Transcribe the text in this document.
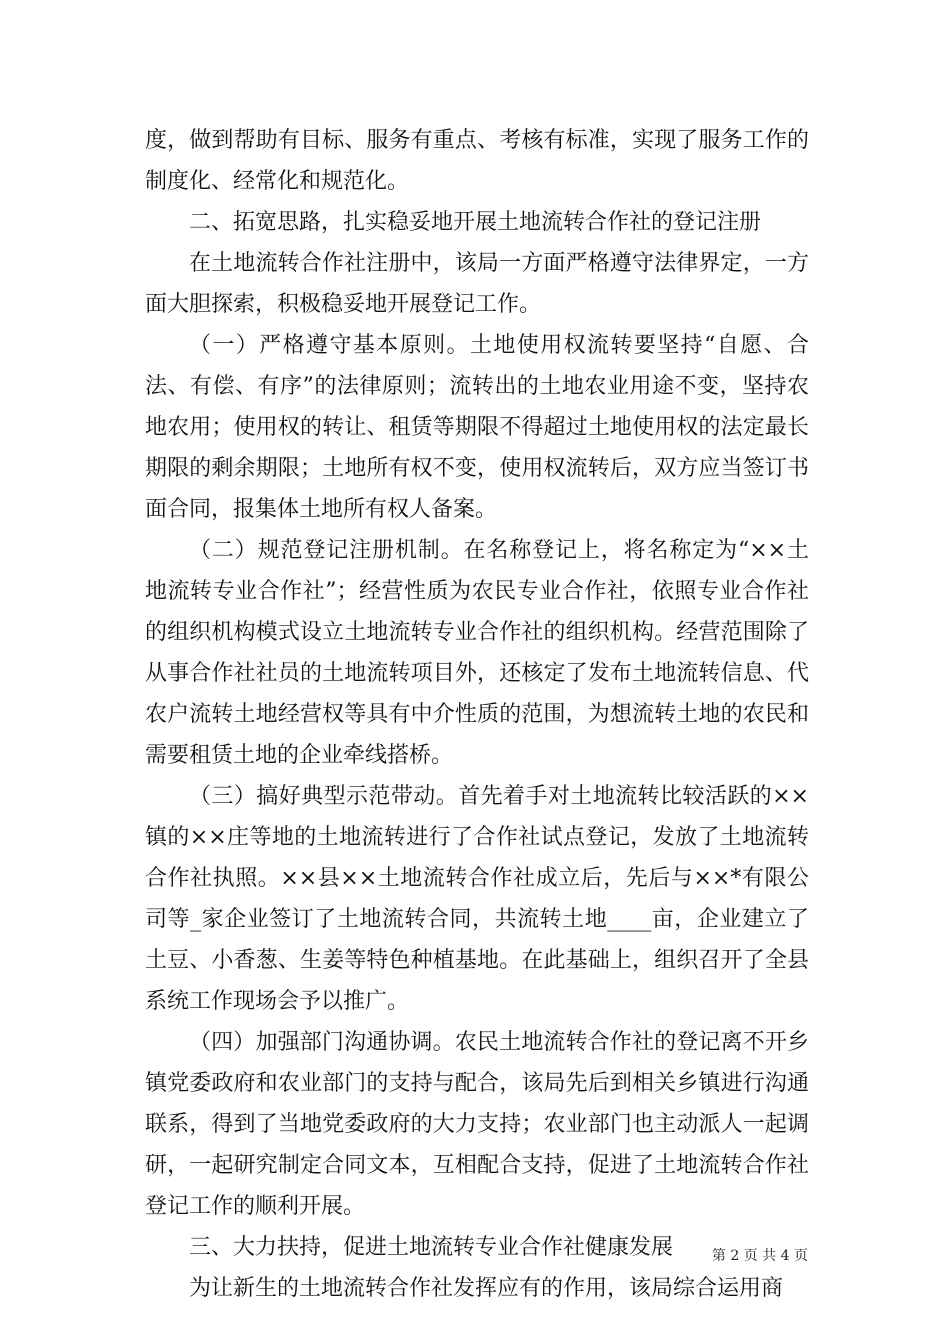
度，做到帮助有目标、服务有重点、考核有标准，实现了服务工作的制度化、经常化和规范化。

二、拓宽思路，扎实稳妥地开展土地流转合作社的登记注册

在土地流转合作社注册中，该局一方面严格遵守法律界定，一方面大胆探索，积极稳妥地开展登记工作。

（一）严格遵守基本原则。土地使用权流转要坚持“自愿、合法、有偿、有序”的法律原则；流转出的土地农业用途不变，坚持农地农用；使用权的转让、租赁等期限不得超过土地使用权的法定最长期限的剩余期限；土地所有权不变，使用权流转后，双方应当签订书面合同，报集体土地所有权人备案。

（二）规范登记注册机制。在名称登记上，将名称定为“××土地流转专业合作社”；经营性质为农民专业合作社，依照专业合作社的组织机构模式设立土地流转专业合作社的组织机构。经营范围除了从事合作社社员的土地流转项目外，还核定了发布土地流转信息、代农户流转土地经营权等具有中介性质的范围，为想流转土地的农民和需要租赁土地的企业牵线搭桥。

（三）搞好典型示范带动。首先着手对土地流转比较活跃的××镇的××庄等地的土地流转进行了合作社试点登记，发放了土地流转合作社执照。××县××土地流转合作社成立后，先后与××*有限公司等_家企业签订了土地流转合同，共流转土地____亩，企业建立了土豆、小香葱、生姜等特色种植基地。在此基础上，组织召开了全县系统工作现场会予以推广。

（四）加强部门沟通协调。农民土地流转合作社的登记离不开乡镇党委政府和农业部门的支持与配合，该局先后到相关乡镇进行沟通联系，得到了当地党委政府的大力支持；农业部门也主动派人一起调研，一起研究制定合同文本，互相配合支持，促进了土地流转合作社登记工作的顺利开展。

三、大力扶持，促进土地流转专业合作社健康发展

为让新生的土地流转合作社发挥应有的作用，该局综合运用商

第 2 页 共 4 页
